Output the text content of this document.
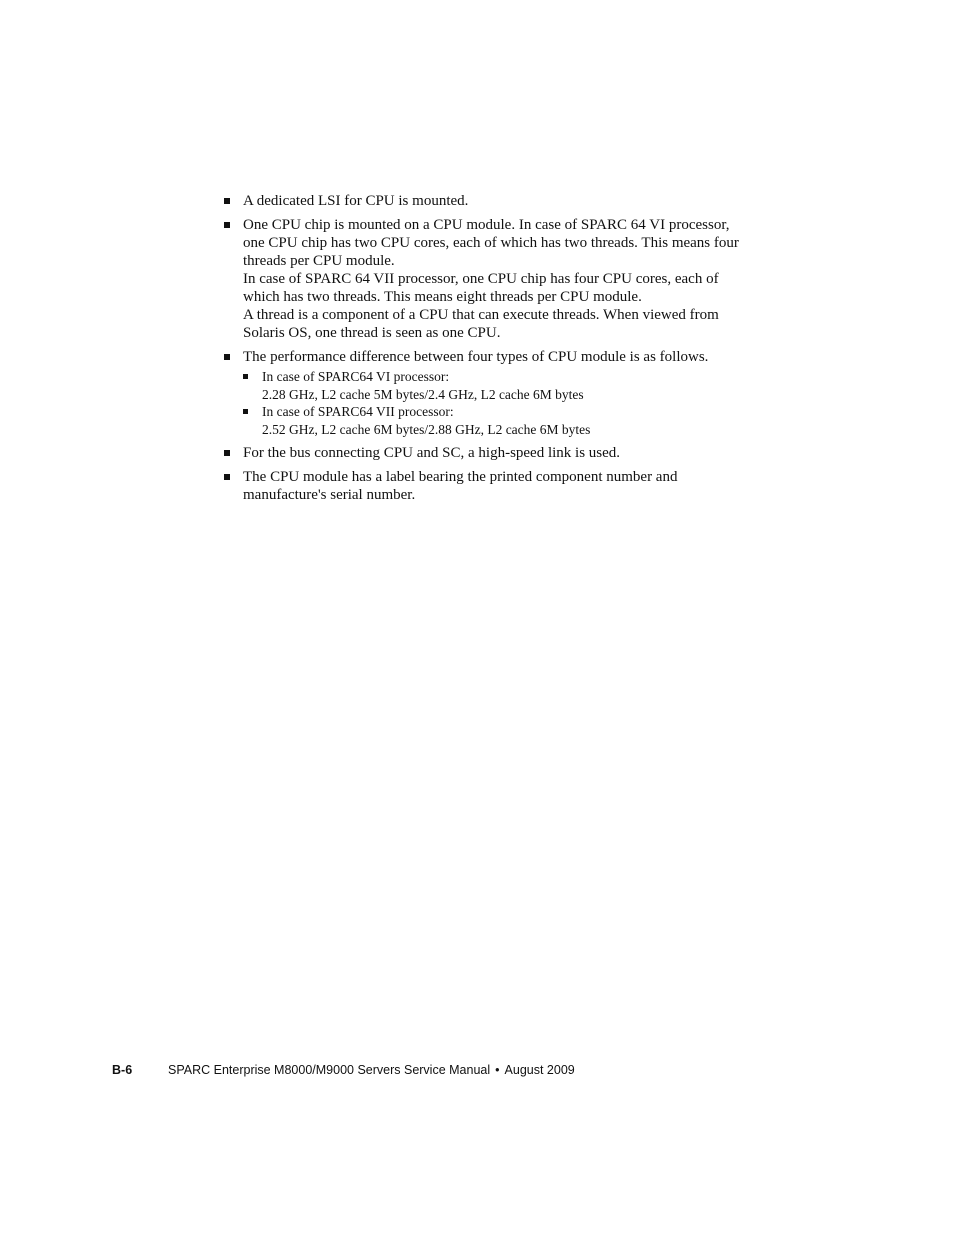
A dedicated LSI for CPU is mounted.
One CPU chip is mounted on a CPU module. In case of SPARC 64 VI processor,
one CPU chip has two CPU cores, each of which has two threads. This means four
threads per CPU module.
In case of SPARC 64 VII processor, one CPU chip has four CPU cores, each of
which has two threads. This means eight threads per CPU module.
A thread is a component of a CPU that can execute threads. When viewed from
Solaris OS, one thread is seen as one CPU.
The performance difference between four types of CPU module is as follows.
In case of SPARC64 VI processor:
2.28 GHz, L2 cache 5M bytes/2.4 GHz, L2 cache 6M bytes
In case of SPARC64 VII processor:
2.52 GHz, L2 cache 6M bytes/2.88 GHz, L2 cache 6M bytes
For the bus connecting CPU and SC, a high-speed link is used.
The CPU module has a label bearing the printed component number and
manufacture's serial number.
B-6	SPARC Enterprise M8000/M9000 Servers Service Manual • August 2009
